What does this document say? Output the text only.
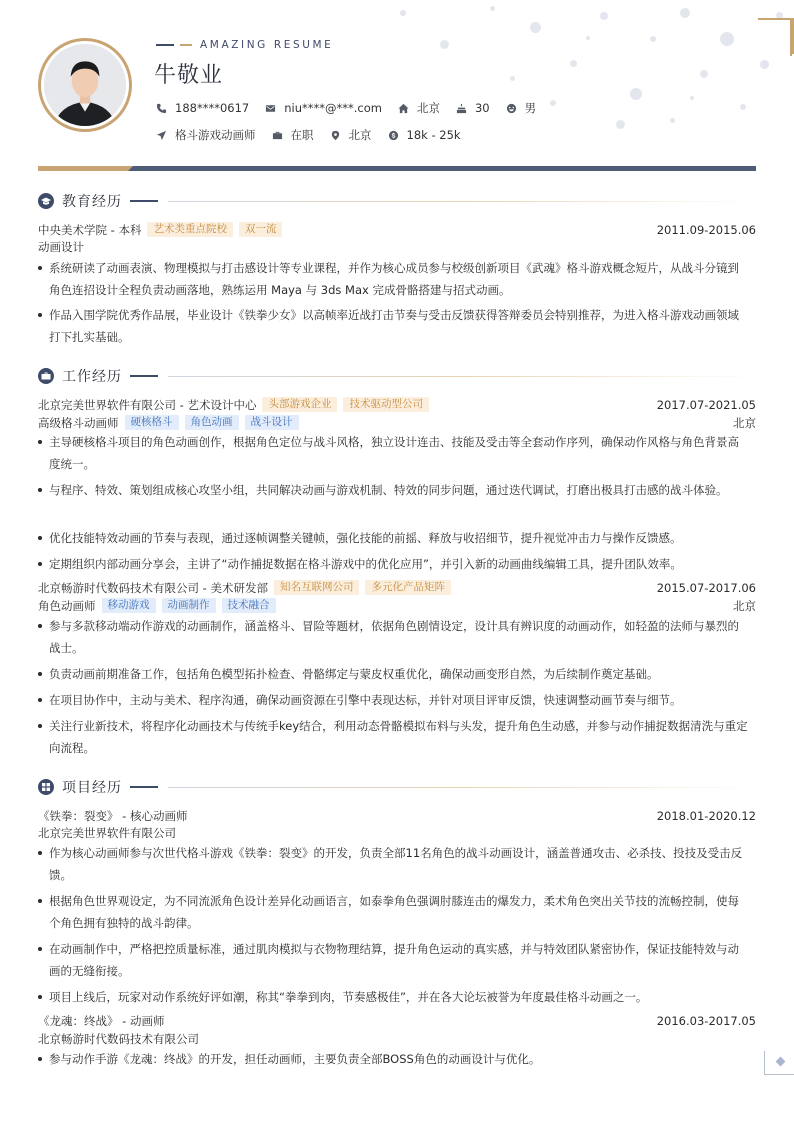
AMAZING RESUME
牛敬业
188****0617	niu****@***.com	北京	30	男
格斗游戏动画师	在职	北京	18k - 25k
教育经历
中央美术学院 - 本科	艺术类重点院校	双一流	2011.09-2015.06
动画设计
系统研读了动画表演、物理模拟与打击感设计等专业课程，并作为核心成员参与校级创新项目《武魂》格斗游戏概念短片，从战斗分镜到角色连招设计全程负责动画落地，熟练运用 Maya 与 3ds Max 完成骨骼搭建与招式动画。
作品入围学院优秀作品展，毕业设计《铁拳少女》以高帧率近战打击节奏与受击反馈获得答辩委员会特别推荐，为进入格斗游戏动画领域打下扎实基础。
工作经历
北京完美世界软件有限公司 - 艺术设计中心	头部游戏企业	技术驱动型公司	2017.07-2021.05
高级格斗动画师	硬核格斗	角色动画	战斗设计	北京
主导硬核格斗项目的角色动画创作，根据角色定位与战斗风格，独立设计连击、技能及受击等全套动作序列，确保动作风格与角色背景高度统一。
与程序、特效、策划组成核心攻坚小组，共同解决动画与游戏机制、特效的同步问题，通过迭代调试，打磨出极具打击感的战斗体验。
优化技能特效动画的节奏与表现，通过逐帧调整关键帧，强化技能的前摇、释放与收招细节，提升视觉冲击力与操作反馈感。
定期组织内部动画分享会，主讲了“动作捕捉数据在格斗游戏中的优化应用”，并引入新的动画曲线编辑工具，提升团队效率。
北京畅游时代数码技术有限公司 - 美术研发部	知名互联网公司	多元化产品矩阵	2015.07-2017.06
角色动画师	移动游戏	动画制作	技术融合	北京
参与多款移动端动作游戏的动画制作，涵盖格斗、冒险等题材，依据角色剧情设定，设计具有辨识度的动画动作，如轻盈的法师与暴烈的战士。
负责动画前期准备工作，包括角色模型拓扑检查、骨骼绑定与蒙皮权重优化，确保动画变形自然，为后续制作奠定基础。
在项目协作中，主动与美术、程序沟通，确保动画资源在引擎中表现达标，并针对项目评审反馈，快速调整动画节奏与细节。
关注行业新技术，将程序化动画技术与传统手key结合，利用动态骨骼模拟布料与头发，提升角色生动感，并参与动作捕捉数据清洗与重定向流程。
项目经历
《铁拳：裂变》 - 核心动画师	2018.01-2020.12
北京完美世界软件有限公司
作为核心动画师参与次世代格斗游戏《铁拳：裂变》的开发，负责全部11名角色的战斗动画设计，涵盖普通攻击、必杀技、投技及受击反馈。
根据角色世界观设定，为不同流派角色设计差异化动画语言，如泰拳角色强调肘膝连击的爆发力，柔术角色突出关节技的流畅控制，使每个角色拥有独特的战斗韵律。
在动画制作中，严格把控质量标准，通过肌肉模拟与衣物物理结算，提升角色运动的真实感，并与特效团队紧密协作，保证技能特效与动画的无缝衔接。
项目上线后，玩家对动作系统好评如潮，称其“拳拳到肉，节奏感极佳”，并在各大论坛被誉为年度最佳格斗动画之一。
《龙魂：终战》 - 动画师	2016.03-2017.05
北京畅游时代数码技术有限公司
参与动作手游《龙魂：终战》的开发，担任动画师，主要负责全部BOSS角色的动画设计与优化。
